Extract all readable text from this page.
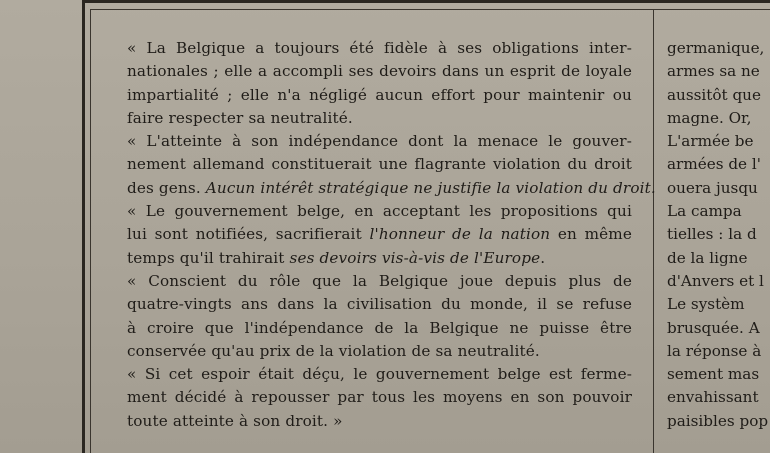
« La Belgique a toujours été fidèle à ses obligations inter-
nationales ; elle a accompli ses devoirs dans un esprit de loyale
impartialité ; elle n'a négligé aucun effort pour maintenir ou
faire respecter sa neutralité.
« L'atteinte à son indépendance dont la menace le gouver-
nement allemand constituerait une flagrante violation du droit
des gens. Aucun intérêt stratégique ne justifie la violation du droit.
« Le gouvernement belge, en acceptant les propositions qui
lui sont notifiées, sacrifierait l'honneur de la nation en même
temps qu'il trahirait ses devoirs vis-à-vis de l'Europe.
« Conscient du rôle que la Belgique joue depuis plus de
quatre-vingts ans dans la civilisation du monde, il se refuse
à croire que l'indépendance de la Belgique ne puisse être
conservée qu'au prix de la violation de sa neutralité.
« Si cet espoir était déçu, le gouvernement belge est ferme-
ment décidé à repousser par tous les moyens en son pouvoir
toute atteinte à son droit. »
germanique,
armes sa ne
aussitôt que
magne. Or,
L'armée be
armées de l'
ouera jusqu
La campa
tielles : la d
de la ligne
d'Anvers et l
Le systèm
brusquée. A
la réponse à
sement mas
envahissant
paisibles pop
